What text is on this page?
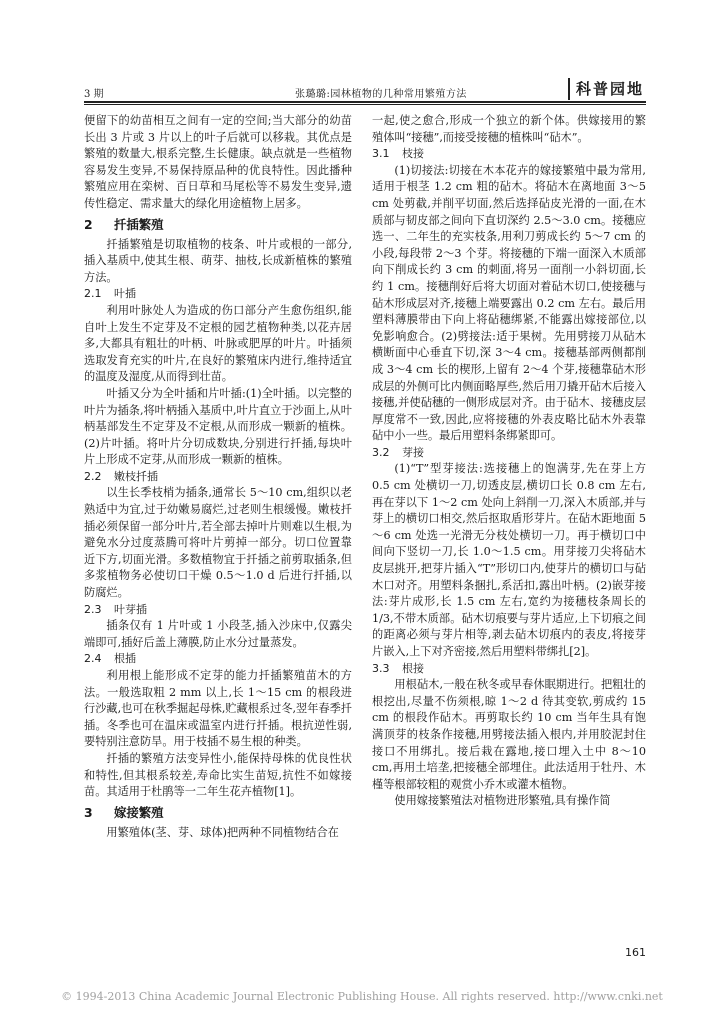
3 期	张璐璐:园林植物的几种常用繁殖方法	科普园地

便留下的幼苗相互之间有一定的空间;当大部分的幼苗长出 3 片或 3 片以上的叶子后就可以移栽。其优点是繁殖的数量大,根系完整,生长健康。缺点就是一些植物容易发生变异,不易保持原品种的优良特性。因此播种繁殖应用在栾树、百日草和马尾松等不易发生变异,遗传性稳定、需求量大的绿化用途植物上居多。

2 扦插繁殖

扦插繁殖是切取植物的枝条、叶片或根的一部分,插入基质中,使其生根、萌芽、抽枝,长成新植株的繁殖方法。

2.1 叶插

利用叶脉处人为造成的伤口部分产生愈伤组织,能自叶上发生不定芽及不定根的园艺植物种类,以花卉居多,大都具有粗壮的叶柄、叶脉或肥厚的叶片。叶插须选取发育充实的叶片,在良好的繁殖床内进行,维持适宜的温度及湿度,从而得到壮苗。

叶插又分为全叶插和片叶插:(1)全叶插。以完整的叶片为插条,将叶柄插入基质中,叶片直立于沙面上,从叶柄基部发生不定芽及不定根,从而形成一颗新的植株。(2)片叶插。将叶片分切成数块,分别进行扦插,每块叶片上形成不定芽,从而形成一颗新的植株。

2.2 嫩枝扦插

以生长季枝梢为插条,通常长 5～10 cm,组织以老熟适中为宜,过于幼嫩易腐烂,过老则生根缓慢。嫩枝扦插必须保留一部分叶片,若全部去掉叶片则难以生根,为避免水分过度蒸腾可将叶片剪掉一部分。切口位置靠近下方,切面光滑。多数植物宜于扦插之前剪取插条,但多浆植物务必使切口干燥 0.5～1.0 d 后进行扦插,以防腐烂。

2.3 叶芽插

插条仅有 1 片叶或 1 小段茎,插入沙床中,仅露尖端即可,插好后盖上薄膜,防止水分过量蒸发。

2.4 根插

利用根上能形成不定芽的能力扦插繁殖苗木的方法。一般选取粗 2 mm 以上,长 1～15 cm 的根段进行沙藏,也可在秋季掘起母株,贮藏根系过冬,翌年春季扦插。冬季也可在温床或温室内进行扦插。根抗逆性弱,要特别注意防旱。用于枝插不易生根的种类。

扦插的繁殖方法变异性小,能保持母株的优良性状和特性,但其根系较差,寿命比实生苗短,抗性不如嫁接苗。其适用于杜鹃等一二年生花卉植物[1]。

3 嫁接繁殖

用繁殖体(茎、芽、球体)把两种不同植物结合在

一起,使之愈合,形成一个独立的新个体。供嫁接用的繁殖体叫“接穗”,而接受接穗的植株叫“砧木”。

3.1 枝接

(1)切接法:切接在木本花卉的嫁接繁殖中最为常用,适用于根茎 1.2 cm 粗的砧木。将砧木在离地面 3～5 cm 处剪截,并削平切面,然后选择砧皮光滑的一面,在木质部与韧皮部之间向下直切深约 2.5～3.0 cm。接穗应选一、二年生的充实枝条,用利刀剪成长约 5～7 cm 的小段,每段带 2～3 个芽。将接穗的下端一面深入木质部向下削成长约 3 cm 的刺面,将另一面削一小斜切面,长约 1 cm。接穗削好后将大切面对着砧木切口,使接穗与砧木形成层对齐,接穗上端要露出 0.2 cm 左右。最后用塑料薄膜带由下向上将砧穗绑紧,不能露出嫁接部位,以免影响愈合。(2)劈接法:适于果树。先用劈接刀从砧木横断面中心垂直下切,深 3～4 cm。接穗基部两侧都削成 3～4 cm 长的楔形,上留有 2～4 个芽,接穗靠砧木形成层的外侧可比内侧面略厚些,然后用刀撬开砧木后接入接穗,并使砧穗的一侧形成层对齐。由于砧木、接穗皮层厚度常不一致,因此,应将接穗的外表皮略比砧木外表靠砧中小一些。最后用塑料条绑紧即可。

3.2 芽接

(1)“T”型芽接法:选接穗上的饱满芽,先在芽上方 0.5 cm 处横切一刀,切透皮层,横切口长 0.8 cm 左右,再在芽以下 1～2 cm 处向上斜削一刀,深入木质部,并与芽上的横切口相交,然后抠取盾形芽片。在砧木距地面 5～6 cm 处选一光滑无分枝处横切一刀。再于横切口中间向下竖切一刀,长 1.0～1.5 cm。用芽接刀尖将砧木皮层挑开,把芽片插入“T”形切口内,使芽片的横切口与砧木口对齐。用塑料条捆扎,系活扣,露出叶柄。(2)嵌芽接法:芽片成形,长 1.5 cm 左右,宽约为接穗枝条周长的 1/3,不带木质部。砧木切痕要与芽片适应,上下切痕之间的距离必须与芽片相等,剥去砧木切痕内的表皮,将接芽片嵌入,上下对齐密接,然后用塑料带绑扎[2]。

3.3 根接

用根砧木,一般在秋冬或早春休眠期进行。把粗壮的根挖出,尽量不伤须根,晾 1～2 d 待其变软,剪成约 15 cm 的根段作砧木。再剪取长约 10 cm 当年生具有饱满顶芽的枝条作接穗,用劈接法插入根内,并用胶泥封住接口不用绑扎。接后栽在露地,接口埋入土中 8～10 cm,再用土培垄,把接穗全部埋住。此法适用于牡丹、木槿等根部较粗的观赏小乔木或灌木植物。

使用嫁接繁殖法对植物进形繁殖,具有操作简

161
© 1994-2013 China Academic Journal Electronic Publishing House. All rights reserved. http://www.cnki.net
